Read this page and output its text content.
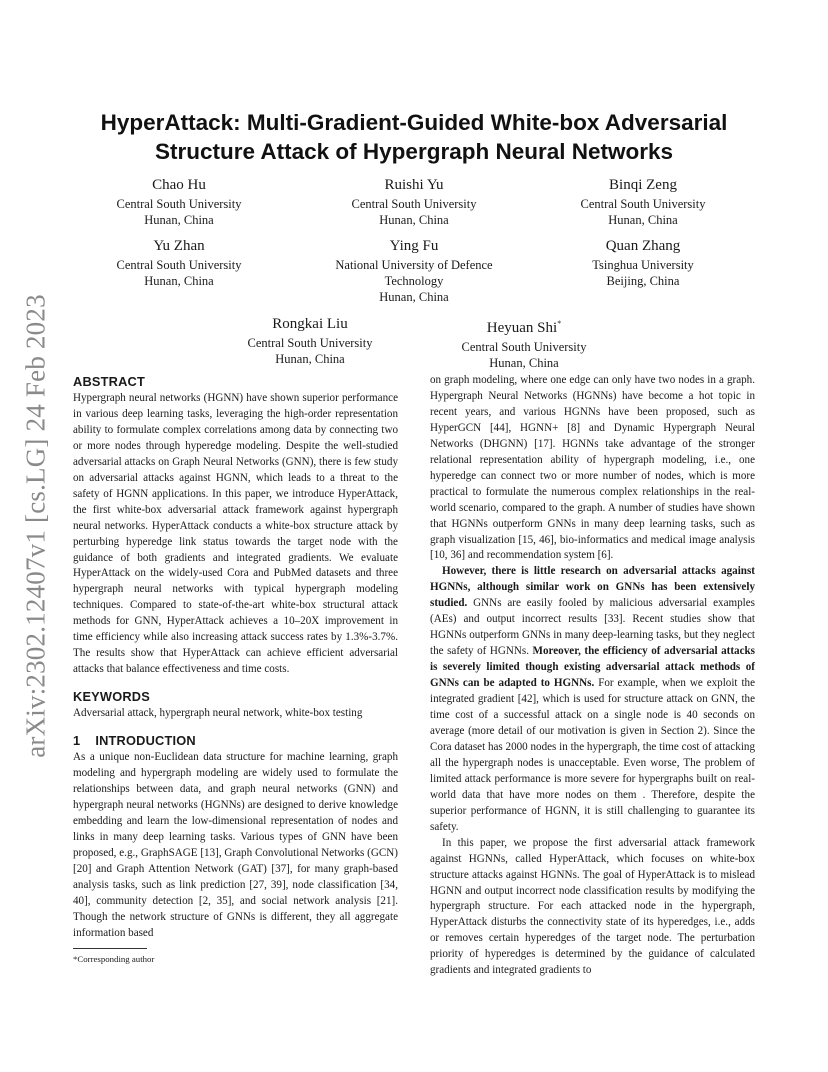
arXiv:2302.12407v1 [cs.LG] 24 Feb 2023
HyperAttack: Multi-Gradient-Guided White-box Adversarial
Structure Attack of Hypergraph Neural Networks
Chao Hu
Central South University
Hunan, China
Ruishi Yu
Central South University
Hunan, China
Binqi Zeng
Central South University
Hunan, China
Yu Zhan
Central South University
Hunan, China
Ying Fu
National University of Defence
Technology
Hunan, China
Quan Zhang
Tsinghua University
Beijing, China
Rongkai Liu
Central South University
Hunan, China
Heyuan Shi*
Central South University
Hunan, China
ABSTRACT

Hypergraph neural networks (HGNN) have shown superior performance in various deep learning tasks, leveraging the high-order representation ability to formulate complex correlations among data by connecting two or more nodes through hyperedge modeling. Despite the well-studied adversarial attacks on Graph Neural Networks (GNN), there is few study on adversarial attacks against HGNN, which leads to a threat to the safety of HGNN applications. In this paper, we introduce HyperAttack, the first white-box adversarial attack framework against hypergraph neural networks. HyperAttack conducts a white-box structure attack by perturbing hyperedge link status towards the target node with the guidance of both gradients and integrated gradients. We evaluate HyperAttack on the widely-used Cora and PubMed datasets and three hypergraph neural networks with typical hypergraph modeling techniques. Compared to state-of-the-art white-box structural attack methods for GNN, HyperAttack achieves a 10–20X improvement in time efficiency while also increasing attack success rates by 1.3%-3.7%. The results show that HyperAttack can achieve efficient adversarial attacks that balance effectiveness and time costs.

KEYWORDS

Adversarial attack, hypergraph neural network, white-box testing

1    INTRODUCTION

As a unique non-Euclidean data structure for machine learning, graph modeling and hypergraph modeling are widely used to formulate the relationships between data, and graph neural networks (GNN) and hypergraph neural networks (HGNNs) are designed to derive knowledge embedding and learn the low-dimensional representation of nodes and links in many deep learning tasks. Various types of GNN have been proposed, e.g., GraphSAGE [13], Graph Convolutional Networks (GCN) [20] and Graph Attention Network (GAT) [37], for many graph-based analysis tasks, such as link prediction [27, 39], node classification [34, 40], community detection [2, 35], and social network analysis [21]. Though the network structure of GNNs is different, they all aggregate information based

*Corresponding author

on graph modeling, where one edge can only have two nodes in a graph. Hypergraph Neural Networks (HGNNs) have become a hot topic in recent years, and various HGNNs have been proposed, such as HyperGCN [44], HGNN+ [8] and Dynamic Hypergraph Neural Networks (DHGNN) [17]. HGNNs take advantage of the stronger relational representation ability of hypergraph modeling, i.e., one hyperedge can connect two or more number of nodes, which is more practical to formulate the numerous complex relationships in the real-world scenario, compared to the graph. A number of studies have shown that HGNNs outperform GNNs in many deep learning tasks, such as graph visualization [15, 46], bio-informatics and medical image analysis [10, 36] and recommendation system [6].

However, there is little research on adversarial attacks against HGNNs, although similar work on GNNs has been extensively studied. GNNs are easily fooled by malicious adversarial examples (AEs) and output incorrect results [33]. Recent studies show that HGNNs outperform GNNs in many deep-learning tasks, but they neglect the safety of HGNNs. Moreover, the efficiency of adversarial attacks is severely limited though existing adversarial attack methods of GNNs can be adapted to HGNNs. For example, when we exploit the integrated gradient [42], which is used for structure attack on GNN, the time cost of a successful attack on a single node is 40 seconds on average (more detail of our motivation is given in Section 2). Since the Cora dataset has 2000 nodes in the hypergraph, the time cost of attacking all the hypergraph nodes is unacceptable. Even worse, The problem of limited attack performance is more severe for hypergraphs built on real-world data that have more nodes on them . Therefore, despite the superior performance of HGNN, it is still challenging to guarantee its safety.

In this paper, we propose the first adversarial attack framework against HGNNs, called HyperAttack, which focuses on white-box structure attacks against HGNNs. The goal of HyperAttack is to mislead HGNN and output incorrect node classification results by modifying the hypergraph structure. For each attacked node in the hypergraph, HyperAttack disturbs the connectivity state of its hyperedges, i.e., adds or removes certain hyperedges of the target node. The perturbation priority of hyperedges is determined by the guidance of calculated gradients and integrated gradients to
